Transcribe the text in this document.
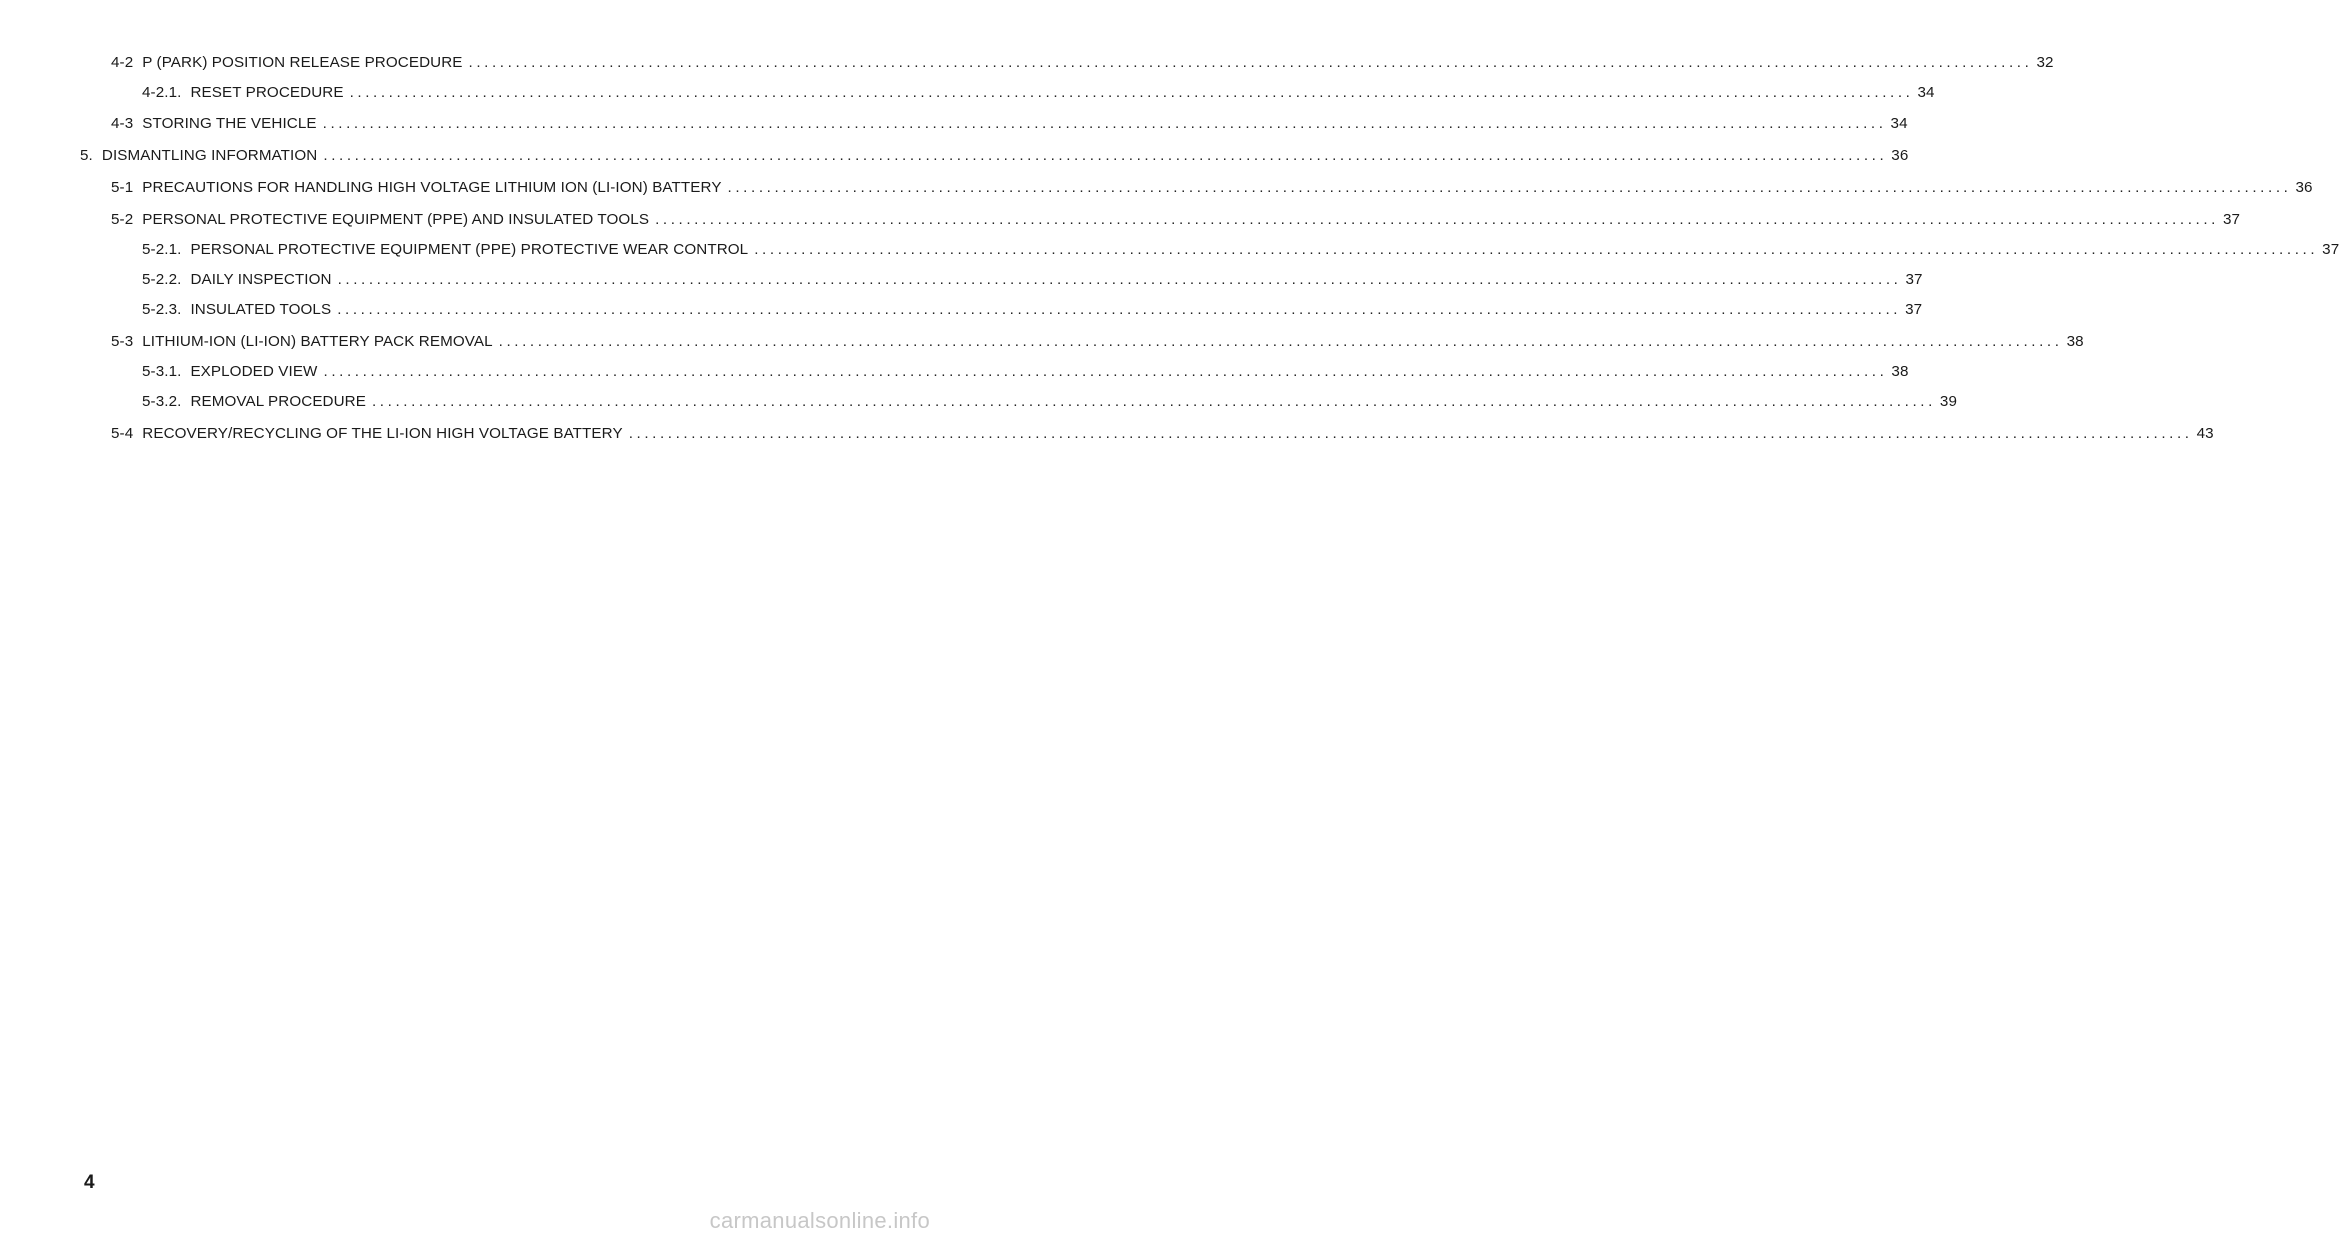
4-2 P (PARK) POSITION RELEASE PROCEDURE ........................................................................................................................................................................................................ 32
4-2.1. RESET PROCEDURE ........................................................................................................................................................................................................ 34
4-3 STORING THE VEHICLE ........................................................................................................................................................................................................ 34
5. DISMANTLING INFORMATION ........................................................................................................................................................................................................ 36
5-1 PRECAUTIONS FOR HANDLING HIGH VOLTAGE LITHIUM ION (LI-ION) BATTERY ........................................................................................................................................................................................................ 36
5-2 PERSONAL PROTECTIVE EQUIPMENT (PPE) AND INSULATED TOOLS ........................................................................................................................................................................................................ 37
5-2.1. PERSONAL PROTECTIVE EQUIPMENT (PPE) PROTECTIVE WEAR CONTROL ........................................................................................................................................................................................................ 37
5-2.2. DAILY INSPECTION ........................................................................................................................................................................................................ 37
5-2.3. INSULATED TOOLS ........................................................................................................................................................................................................ 37
5-3 LITHIUM-ION (LI-ION) BATTERY PACK REMOVAL ........................................................................................................................................................................................................ 38
5-3.1. EXPLODED VIEW ........................................................................................................................................................................................................ 38
5-3.2. REMOVAL PROCEDURE ........................................................................................................................................................................................................ 39
5-4 RECOVERY/RECYCLING OF THE LI-ION HIGH VOLTAGE BATTERY ........................................................................................................................................................................................................ 43
4
carmanualsonline.info
